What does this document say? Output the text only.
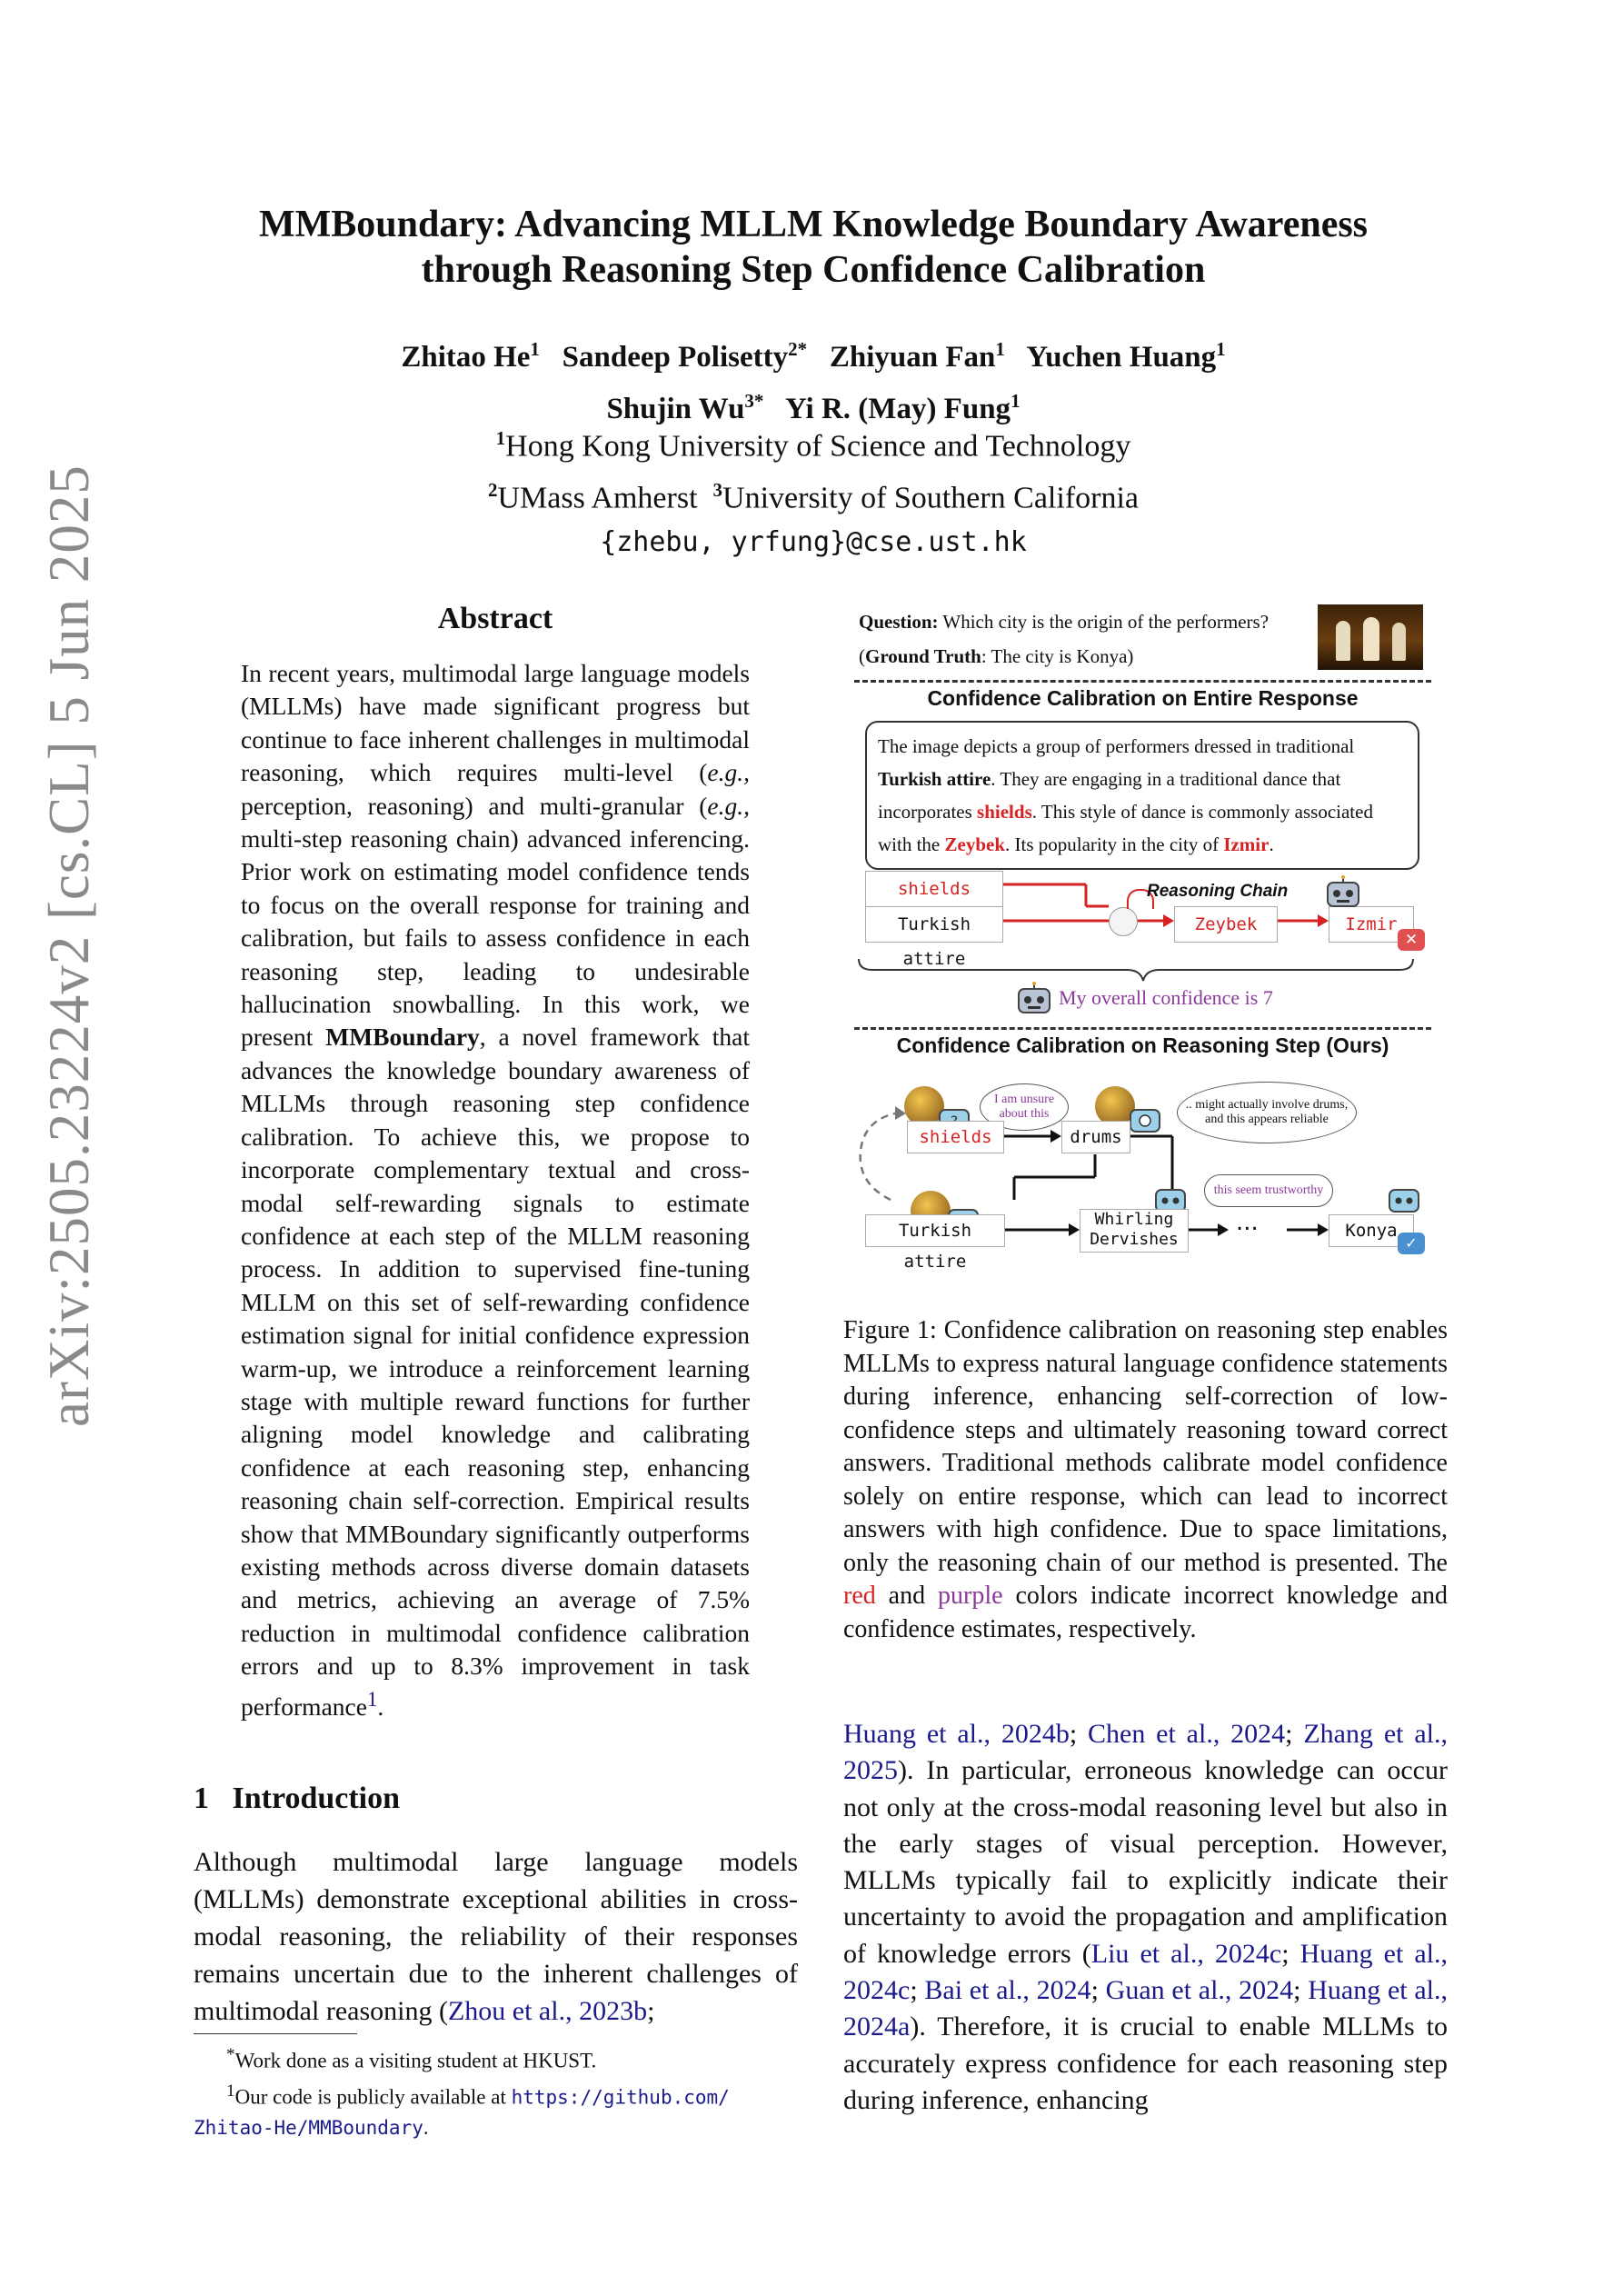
arXiv:2505.23224v2 [cs.CL] 5 Jun 2025
MMBoundary: Advancing MLLM Knowledge Boundary Awareness
through Reasoning Step Confidence Calibration
Zhitao He$^1$ Sandeep Polisetty$^{2*}$ Zhiyuan Fan$^1$ Yuchen Huang$^1$
Shujin $Wu^{3*}$ Yi R. (May) Fung$^1$
$^1$Hong Kong University of Science and Technology
$^2$UMass Amherst $^3$University of Southern California
{zhebu, yrfung}@cse.ust.hk
Abstract
In recent years, multimodal large language models (MLLMs) have made significant progress but continue to face inherent challenges in multimodal reasoning, which requires multi-level (e.g., perception, reasoning) and multi-granular (e.g., multi-step reasoning chain) advanced inferencing. Prior work on estimating model confidence tends to focus on the overall response for training and calibration, but fails to assess confidence in each reasoning step, leading to undesirable hallucination snowballing. In this work, we present MMBoundary, a novel framework that advances the knowledge boundary awareness of MLLMs through reasoning step confidence calibration. To achieve this, we propose to incorporate complementary textual and cross-modal self-rewarding signals to estimate confidence at each step of the MLLM reasoning process. In addition to supervised fine-tuning MLLM on this set of self-rewarding confidence estimation signal for initial confidence expression warm-up, we introduce a reinforcement learning stage with multiple reward functions for further aligning model knowledge and calibrating confidence at each reasoning step, enhancing reasoning chain self-correction. Empirical results show that MMBoundary significantly outperforms existing methods across diverse domain datasets and metrics, achieving an average of 7.5% reduction in multimodal confidence calibration errors and up to 8.3% improvement in task performance$^1$.
1 Introduction
Although multimodal large language models (MLLMs) demonstrate exceptional abilities in cross-modal reasoning, the reliability of their responses remains uncertain due to the inherent challenges of multimodal reasoning (Zhou et al., 2023b;
*Work done as a visiting student at HKUST.
$^1$Our code is publicly available at https://github.com/
Zhitao-He/MMBoundary.
Question: Which city is the origin of the performers?
(Ground Truth: The city is Konya)
Confidence Calibration on Entire Response
The image depicts a group of performers dressed in traditional Turkish attire. They are engaging in a traditional dance that incorporates shields. This style of dance is commonly associated with the Zeybek. Its popularity in the city of Izmir.
shields
Turkish attire
Zeybek	Izmir
✕
Reasoning Chain
My overall confidence is 7
Confidence Calibration on Reasoning Step (Ours)
I am unsure about this
.. might actually involve drums, and this appears reliable
shields	drums
this seem trustworthy
Turkish attire
Whirling Dervishes
...	Konya
✓
Figure 1: Confidence calibration on reasoning step enables MLLMs to express natural language confidence statements during inference, enhancing self-correction of low-confidence steps and ultimately reasoning toward correct answers. Traditional methods calibrate model confidence solely on entire response, which can lead to incorrect answers with high confidence. Due to space limitations, only the reasoning chain of our method is presented. The red and purple colors indicate incorrect knowledge and confidence estimates, respectively.
Huang et al., 2024b; Chen et al., 2024; Zhang et al., 2025). In particular, erroneous knowledge can occur not only at the cross-modal reasoning level but also in the early stages of visual perception. However, MLLMs typically fail to explicitly indicate their uncertainty to avoid the propagation and amplification of knowledge errors (Liu et al., 2024c; Huang et al., 2024c; Bai et al., 2024; Guan et al., 2024; Huang et al., 2024a). Therefore, it is crucial to enable MLLMs to accurately express confidence for each reasoning step during inference, enhancing
